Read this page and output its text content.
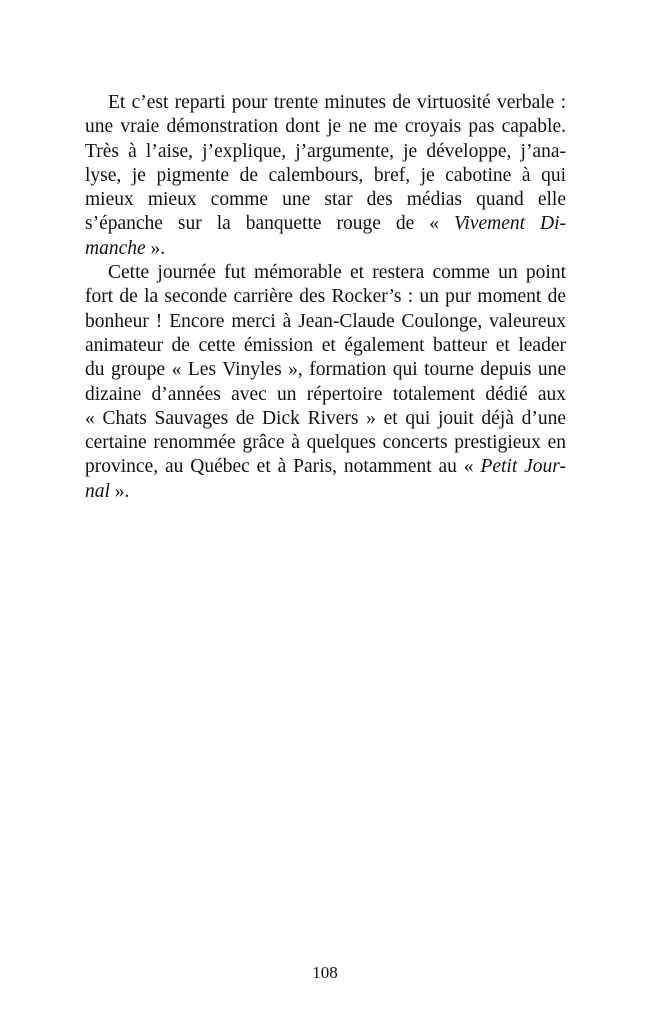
Et c’est reparti pour trente minutes de virtuosité verbale :
une vraie démonstration dont je ne me croyais pas capable.
Très à l’aise, j’explique, j’argumente, je développe, j’ana-
lyse, je pigmente de calembours, bref, je cabotine à qui
mieux mieux comme une star des médias quand elle
s’épanche sur la banquette rouge de « Vivement Di-
manche ».

Cette journée fut mémorable et restera comme un point
fort de la seconde carrière des Rocker’s : un pur moment de
bonheur ! Encore merci à Jean-Claude Coulonge, valeureux
animateur de cette émission et également batteur et leader
du groupe « Les Vinyles », formation qui tourne depuis une
dizaine d’années avec un répertoire totalement dédié aux
« Chats Sauvages de Dick Rivers » et qui jouit déjà d’une
certaine renommée grâce à quelques concerts prestigieux en
province, au Québec et à Paris, notamment au « Petit Jour-
nal ».

108
